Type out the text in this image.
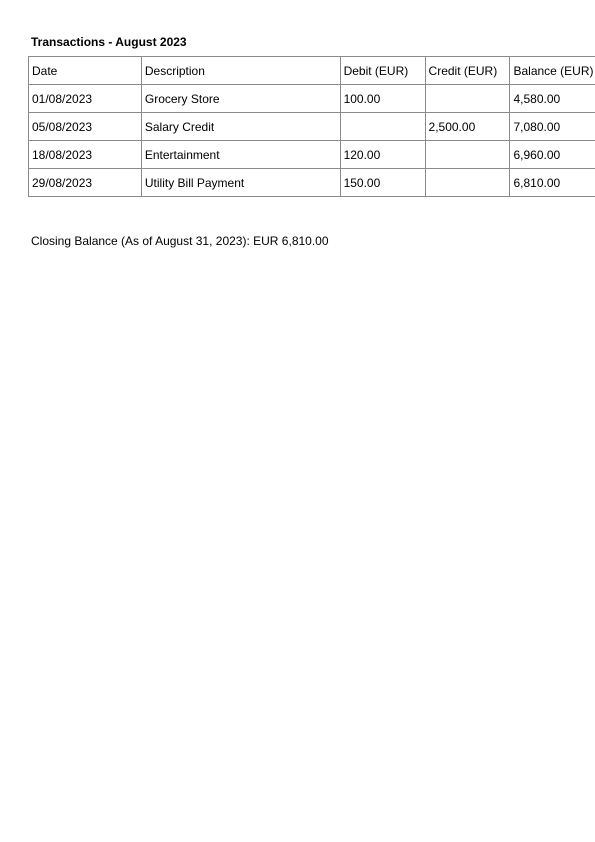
Transactions - August 2023
Date	Description	Debit (EUR)	Credit (EUR)	Balance (EUR)
01/08/2023	Grocery Store	100.00		4,580.00
05/08/2023	Salary Credit		2,500.00	7,080.00
18/08/2023	Entertainment	120.00		6,960.00
29/08/2023	Utility Bill Payment	150.00		6,810.00

Closing Balance (As of August 31, 2023): EUR 6,810.00
